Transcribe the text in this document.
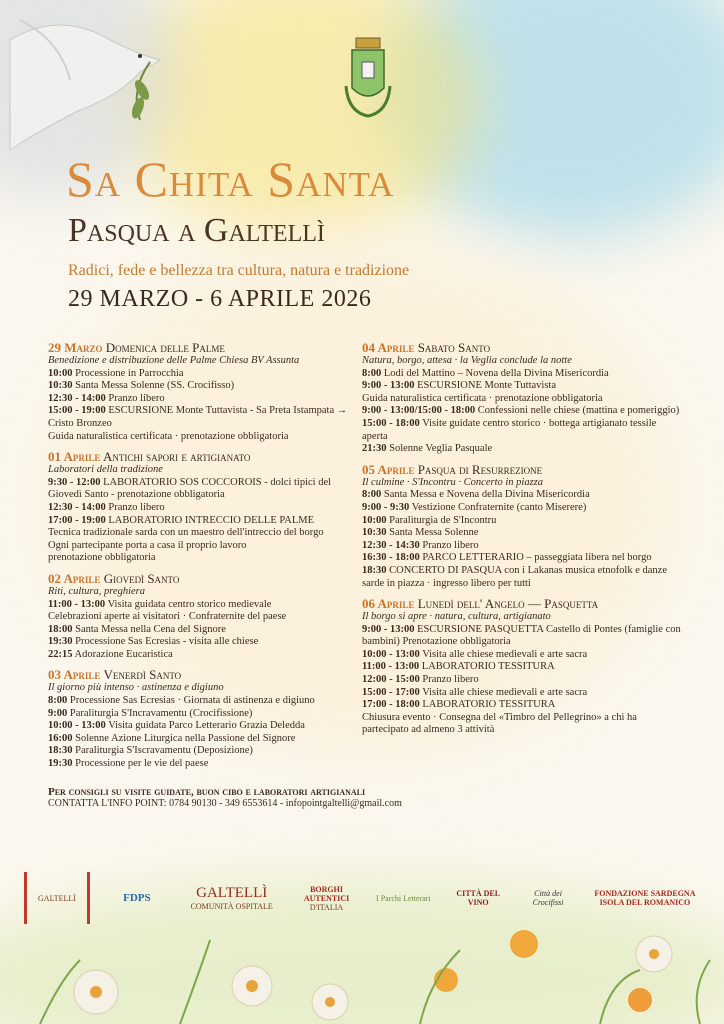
Sa Chita Santa
Pasqua a Galtellì
Radici, fede e bellezza tra cultura, natura e tradizione
29 MARZO - 6 APRILE 2026
29 Marzo Domenica delle Palme
Benedizione e distribuzione delle Palme Chiesa BV Assunta
10:00 Processione in Parrocchia
10:30 Santa Messa Solenne (SS. Crocifisso)
12:30 - 14:00 Pranzo libero
15:00 - 19:00 ESCURSIONE Monte Tuttavista - Sa Preta Istampata → Cristo Bronzeo
Guida naturalistica certificata · prenotazione obbligatoria
01 Aprile Antichi sapori e artigianato
Laboratori della tradizione
9:30 - 12:00 LABORATORIO SOS COCCOROIS - dolci tipici del Giovedì Santo - prenotazione obbligatoria
12:30 - 14:00 Pranzo libero
17:00 - 19:00 LABORATORIO INTRECCIO DELLE PALME
Tecnica tradizionale sarda con un maestro dell'intreccio del borgo
Ogni partecipante porta a casa il proprio lavoro
prenotazione obbligatoria
02 Aprile Giovedì Santo
Riti, cultura, preghiera
11:00 - 13:00 Visita guidata centro storico medievale
Celebrazioni aperte ai visitatori · Confraternite del paese
18:00 Santa Messa nella Cena del Signore
19:30 Processione Sas Ecresias - visita alle chiese
22:15 Adorazione Eucaristica
03 Aprile Venerdì Santo
Il giorno più intenso · astinenza e digiuno
8:00 Processione Sas Ecresias · Giornata di astinenza e digiuno
9:00 Paraliturgia S'Incravamentu (Crocifissione)
10:00 - 13:00 Visita guidata Parco Letterario Grazia Deledda
16:00 Solenne Azione Liturgica nella Passione del Signore
18:30 Paraliturgia S'Iscravamentu (Deposizione)
19:30 Processione per le vie del paese
04 Aprile Sabato Santo
Natura, borgo, attesa · la Veglia conclude la notte
8:00 Lodi del Mattino – Novena della Divina Misericordia
9:00 - 13:00 ESCURSIONE Monte Tuttavista
Guida naturalistica certificata · prenotazione obbligatoria
9:00 - 13:00/15:00 - 18:00 Confessioni nelle chiese (mattina e pomeriggio)
15:00 - 18:00 Visite guidate centro storico · bottega artigianato tessile aperta
21:30 Solenne Veglia Pasquale
05 Aprile Pasqua di Resurrezione
Il culmine · S'Incontru · Concerto in piazza
8:00 Santa Messa e Novena della Divina Misericordia
9:00 - 9:30 Vestizione Confraternite (canto Miserere)
10:00 Paraliturgia de S'Incontru
10:30 Santa Messa Solenne
12:30 - 14:30 Pranzo libero
16:30 - 18:00 PARCO LETTERARIO – passeggiata libera nel borgo
18:30 CONCERTO DI PASQUA con i Lakanas musica etnofolk e danze sarde in piazza · ingresso libero per tutti
06 Aprile Lunedì dell' Angelo — Pasquetta
Il borgo si apre · natura, cultura, artigianato
9:00 - 13:00 ESCURSIONE PASQUETTA Castello di Pontes (famiglie con bambini) Prenotazione obbligatoria
10:00 - 13:00 Visita alle chiese medievali e arte sacra
11:00 - 13:00 LABORATORIO TESSITURA
12:00 - 15:00 Pranzo libero
15:00 - 17:00 Visita alle chiese medievali e arte sacra
17:00 - 18:00 LABORATORIO TESSITURA
Chiusura evento · Consegna del «Timbro del Pellegrino» a chi ha partecipato ad almeno 3 attività
Per consigli su visite guidate, buon cibo e laboratori artigianali
CONTATTA L'INFO POINT: 0784 90130 - 349 6553614 - infopointgaltelli@gmail.com
GALTELLÌ	FDPS	GALTELLÌ
COMUNITÀ OSPITALE
BORGHI AUTENTICI
D'ITALIA
I Parchi Letterari	CITTÀ DEL VINO
Città dei Crocifissi
FONDAZIONE SARDEGNA ISOLA DEL ROMANICO
